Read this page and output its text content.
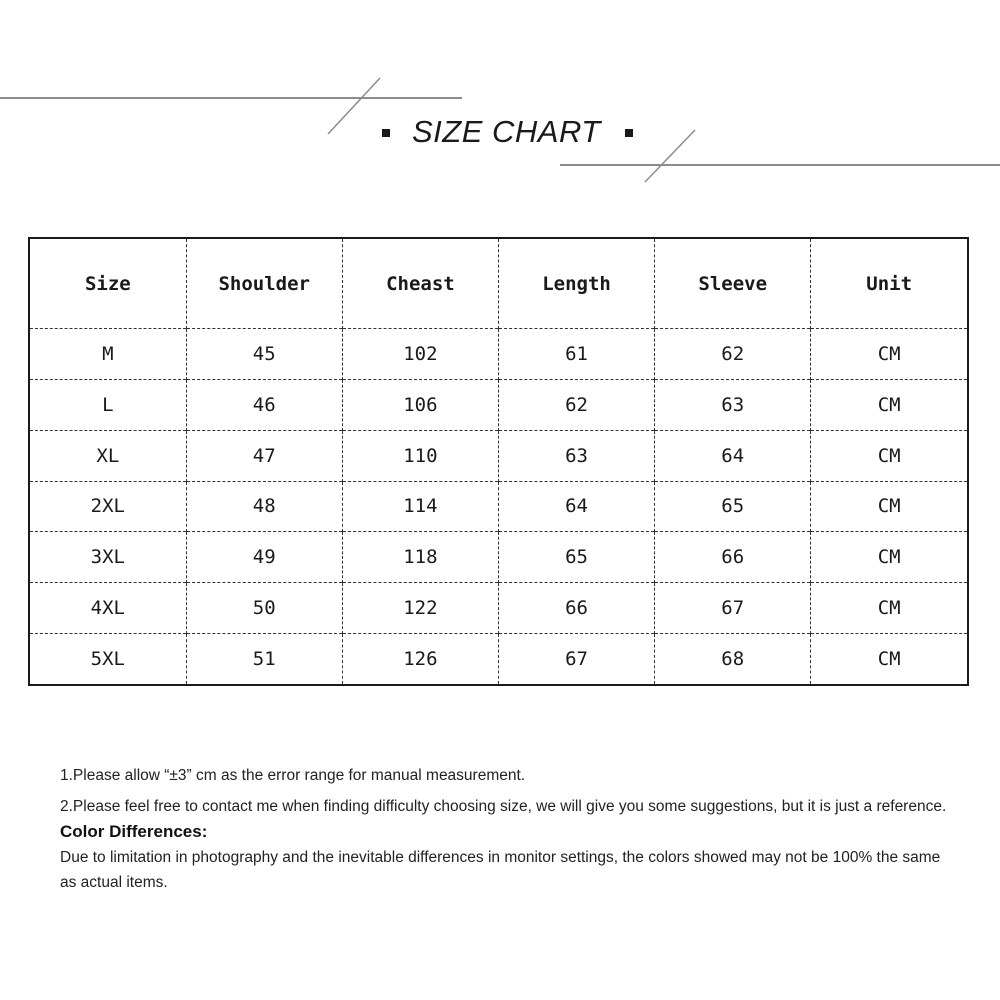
SIZE CHART
Size	Shoulder	Cheast	Length	Sleeve	Unit
M	45	102	61	62	CM
L	46	106	62	63	CM
XL	47	110	63	64	CM
2XL	48	114	64	65	CM
3XL	49	118	65	66	CM
4XL	50	122	66	67	CM
5XL	51	126	67	68	CM

1.Please allow “±3” cm as the error range for manual measurement.

2.Please feel free to contact me when finding difficulty choosing size, we will give you some suggestions, but it is just a reference.

Color Differences:

Due to limitation in photography and the inevitable differences in monitor settings, the colors showed may not be 100% the same as actual items.
